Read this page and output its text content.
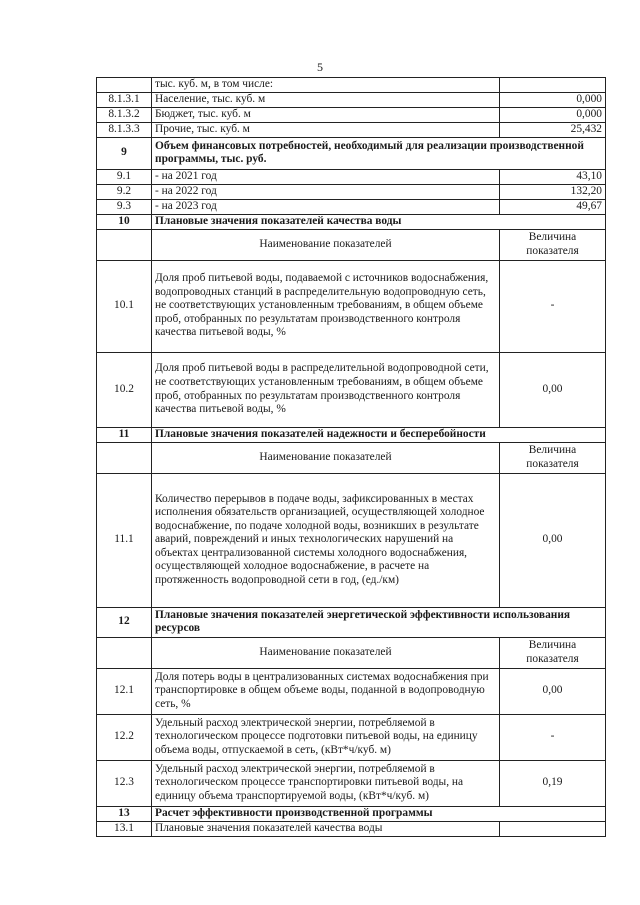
5
	тыс. куб. м, в том числе:	
8.1.3.1	Население, тыс. куб. м	0,000
8.1.3.2	Бюджет, тыс. куб. м	0,000
8.1.3.3	Прочие, тыс. куб. м	25,432
9	Объем финансовых потребностей, необходимый для реализации производственной программы, тыс. руб.	
9.1	- на 2021 год	43,10
9.2	- на 2022 год	132,20
9.3	- на 2023 год	49,67
10	Плановые значения показателей качества воды	
	Наименование показателей	Величина показателя
10.1	Доля проб питьевой воды, подаваемой с источников водоснабжения, водопроводных станций в распределительную водопроводную сеть, не соответствующих установленным требованиям, в общем объеме проб, отобранных по результатам производственного контроля качества питьевой воды, %	-
10.2	Доля проб питьевой воды в распределительной водопроводной сети, не соответствующих установленным требованиям, в общем объеме проб, отобранных по результатам производственного контроля качества питьевой воды, %	0,00
11	Плановые значения показателей надежности и бесперебойности	
	Наименование показателей	Величина показателя
11.1	Количество перерывов в подаче воды, зафиксированных в местах исполнения обязательств организацией, осуществляющей холодное водоснабжение, по подаче холодной воды, возникших в результате аварий, повреждений и иных технологических нарушений на объектах централизованной системы холодного водоснабжения, осуществляющей холодное водоснабжение, в расчете на протяженность водопроводной сети в год, (ед./км)	0,00
12	Плановые значения показателей энергетической эффективности использования ресурсов	
	Наименование показателей	Величина показателя
12.1	Доля потерь воды в централизованных системах водоснабжения при транспортировке в общем объеме воды, поданной в водопроводную сеть, %	0,00
12.2	Удельный расход электрической энергии, потребляемой в технологическом процессе подготовки питьевой воды, на единицу объема воды, отпускаемой в сеть, (кВт*ч/куб. м)	-
12.3	Удельный расход электрической энергии, потребляемой в технологическом процессе транспортировки питьевой воды, на единицу объема транспортируемой воды, (кВт*ч/куб. м)	0,19
13	Расчет эффективности производственной программы	
13.1	Плановые значения показателей качества воды	
